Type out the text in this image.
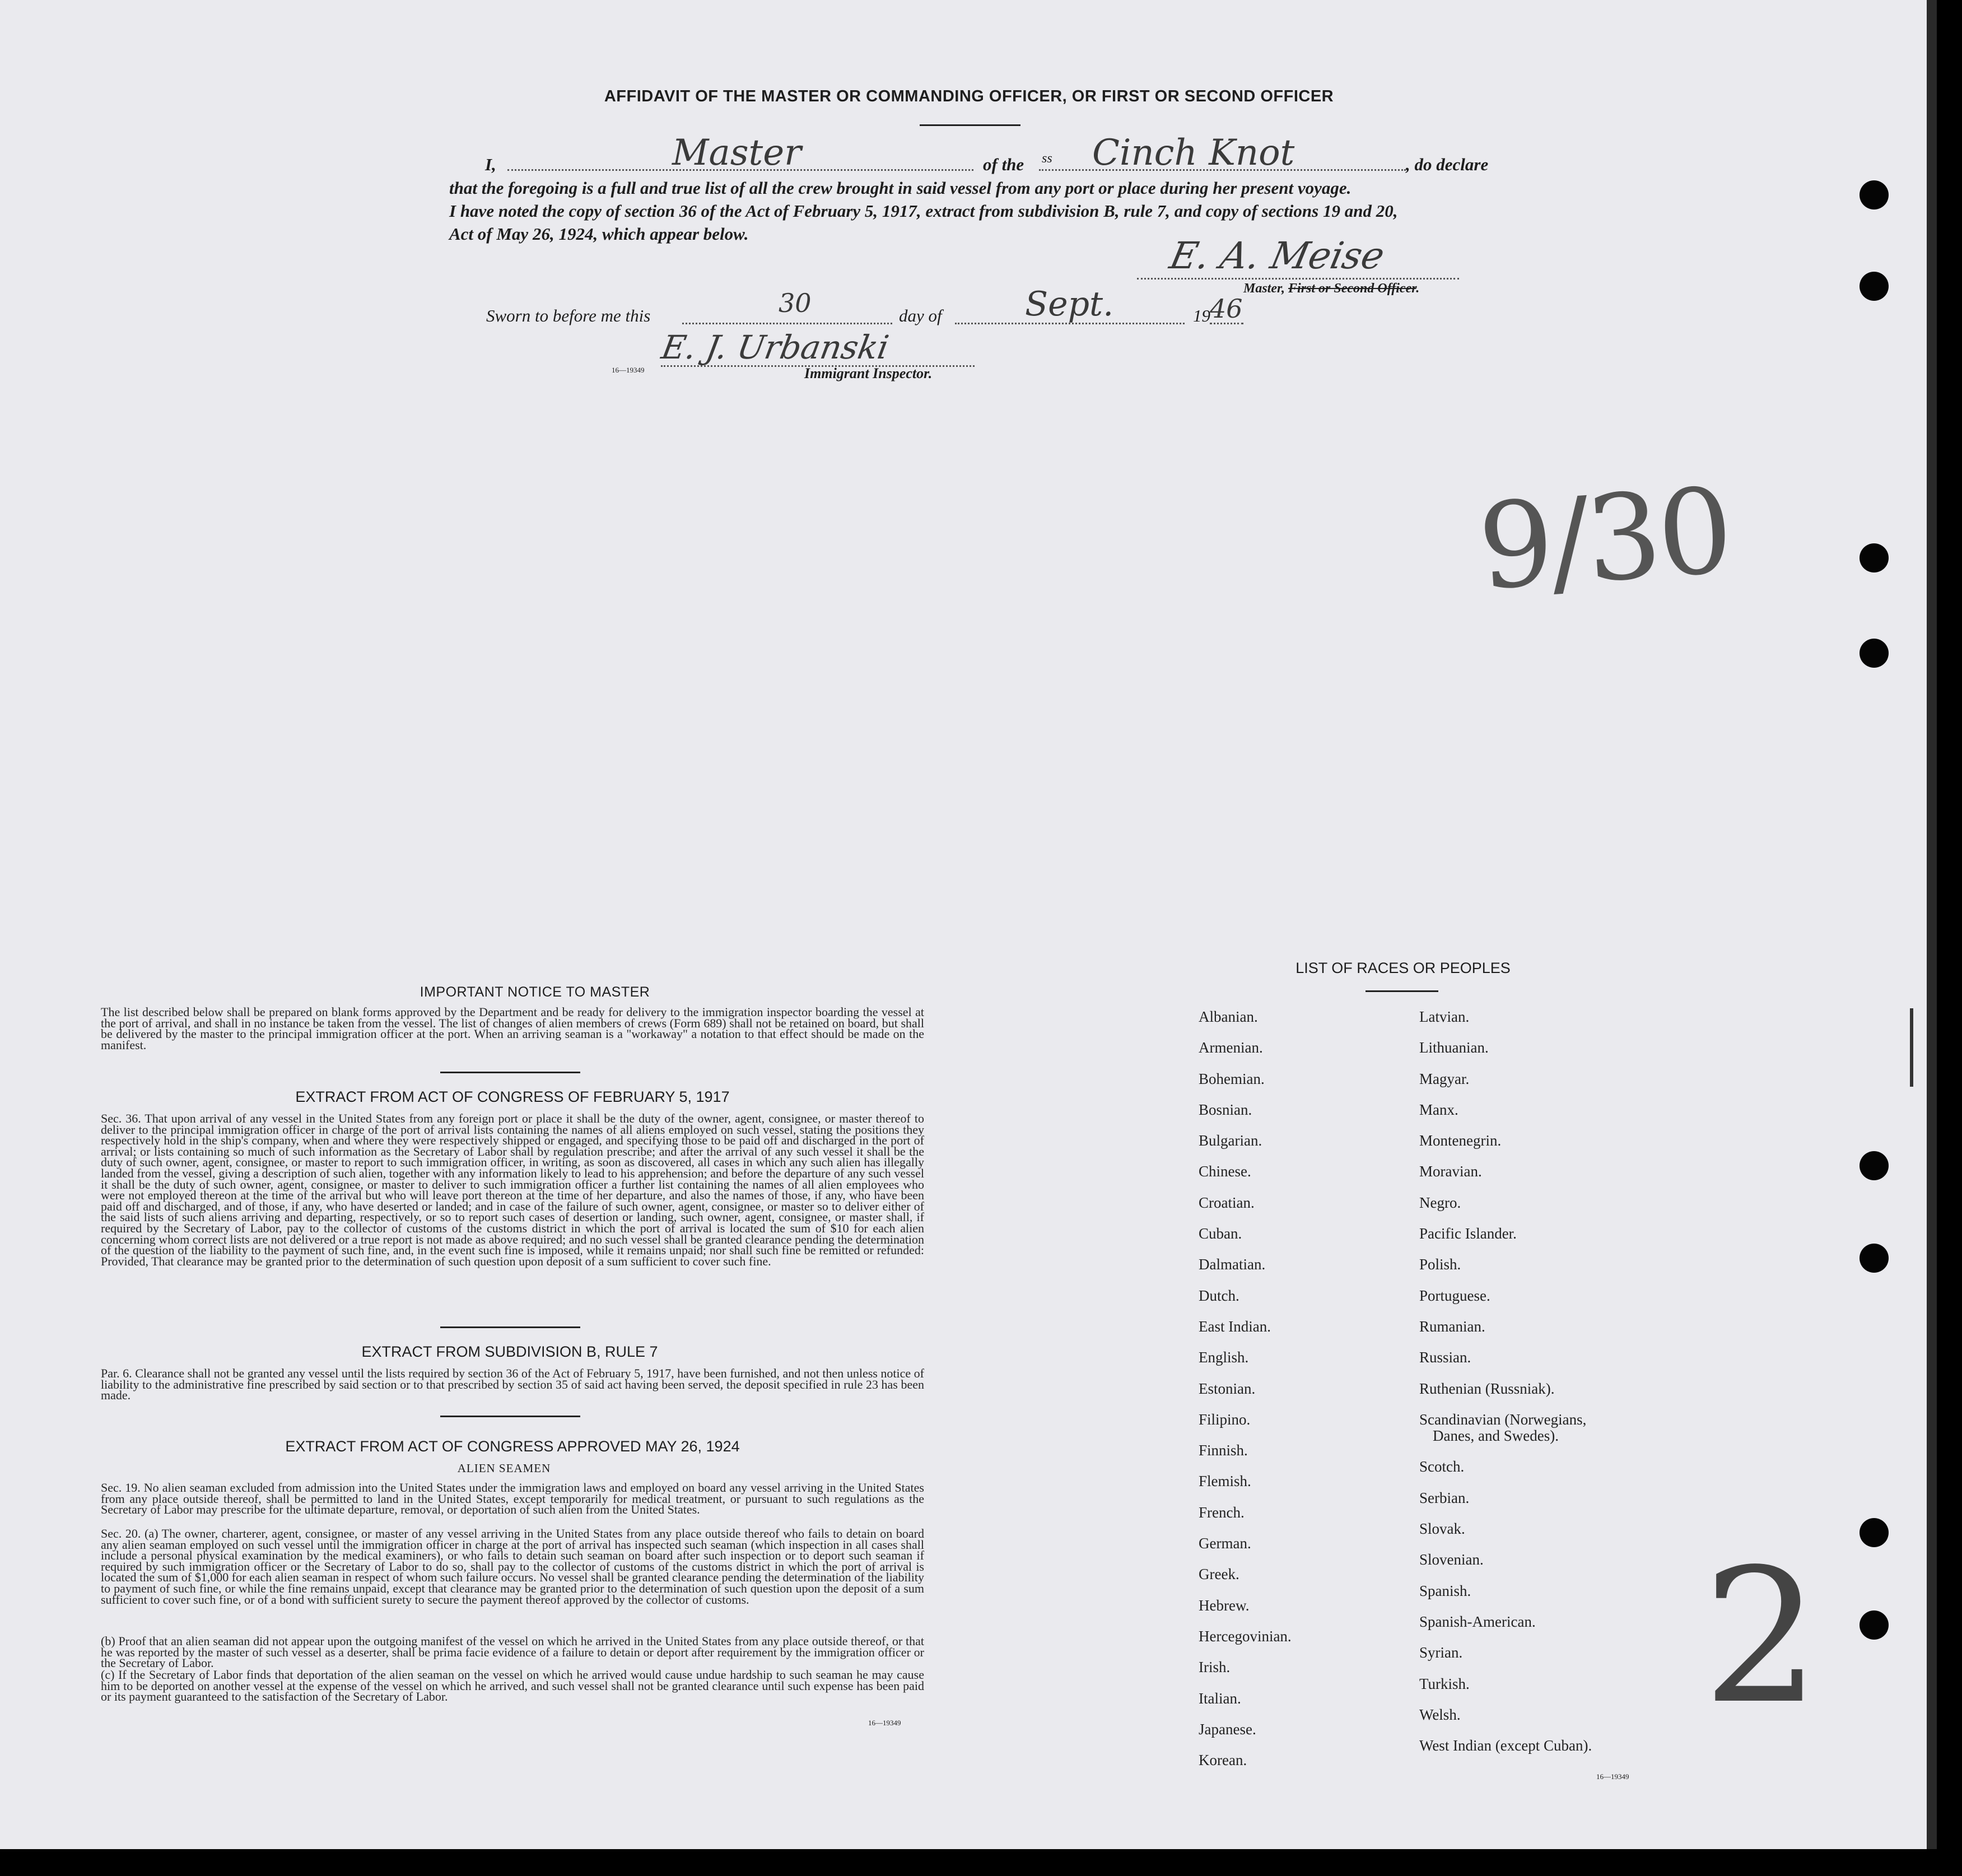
AFFIDAVIT OF THE MASTER OR COMMANDING OFFICER, OR FIRST OR SECOND OFFICER
I,	Master	of the ss Cinch Knot	, do declare
that the foregoing is a full and true list of all the crew brought in said vessel from any port or place during her present voyage.
I have noted the copy of section 36 of the Act of February 5, 1917, extract from subdivision B, rule 7, and copy of sections 19 and 20,
Act of May 26, 1924, which appear below.
E. A. Meise
Master, First or Second Officer.
Sworn to before me this	30	day of Sept.	19 46
16—19349
E. J. Urbanski
Immigrant Inspector.
9/30
2
IMPORTANT NOTICE TO MASTER
The list described below shall be prepared on blank forms approved by the Department and be ready for delivery to the immigration inspector boarding the vessel at the port of arrival, and shall in no instance be taken from the vessel. The list of changes of alien members of crews (Form 689) shall not be retained on board, but shall be delivered by the master to the principal immigration officer at the port. When an arriving seaman is a "workaway" a notation to that effect should be made on the manifest.
EXTRACT FROM ACT OF CONGRESS OF FEBRUARY 5, 1917
Sec. 36. That upon arrival of any vessel in the United States from any foreign port or place it shall be the duty of the owner, agent, consignee, or master thereof to deliver to the principal immigration officer in charge of the port of arrival lists containing the names of all aliens employed on such vessel, stating the positions they respectively hold in the ship's company, when and where they were respectively shipped or engaged, and specifying those to be paid off and discharged in the port of arrival; or lists containing so much of such information as the Secretary of Labor shall by regulation prescribe; and after the arrival of any such vessel it shall be the duty of such owner, agent, consignee, or master to report to such immigration officer, in writing, as soon as discovered, all cases in which any such alien has illegally landed from the vessel, giving a description of such alien, together with any information likely to lead to his apprehension; and before the departure of any such vessel it shall be the duty of such owner, agent, consignee, or master to deliver to such immigration officer a further list containing the names of all alien employees who were not employed thereon at the time of the arrival but who will leave port thereon at the time of her departure, and also the names of those, if any, who have been paid off and discharged, and of those, if any, who have deserted or landed; and in case of the failure of such owner, agent, consignee, or master so to deliver either of the said lists of such aliens arriving and departing, respectively, or so to report such cases of desertion or landing, such owner, agent, consignee, or master shall, if required by the Secretary of Labor, pay to the collector of customs of the customs district in which the port of arrival is located the sum of $10 for each alien concerning whom correct lists are not delivered or a true report is not made as above required; and no such vessel shall be granted clearance pending the determination of the question of the liability to the payment of such fine, and, in the event such fine is imposed, while it remains unpaid; nor shall such fine be remitted or refunded: Provided, That clearance may be granted prior to the determination of such question upon deposit of a sum sufficient to cover such fine.
EXTRACT FROM SUBDIVISION B, RULE 7
Par. 6. Clearance shall not be granted any vessel until the lists required by section 36 of the Act of February 5, 1917, have been furnished, and not then unless notice of liability to the administrative fine prescribed by said section or to that prescribed by section 35 of said act having been served, the deposit specified in rule 23 has been made.
EXTRACT FROM ACT OF CONGRESS APPROVED MAY 26, 1924
ALIEN SEAMEN
Sec. 19. No alien seaman excluded from admission into the United States under the immigration laws and employed on board any vessel arriving in the United States from any place outside thereof, shall be permitted to land in the United States, except temporarily for medical treatment, or pursuant to such regulations as the Secretary of Labor may prescribe for the ultimate departure, removal, or deportation of such alien from the United States.
Sec. 20. (a) The owner, charterer, agent, consignee, or master of any vessel arriving in the United States from any place outside thereof who fails to detain on board any alien seaman employed on such vessel until the immigration officer in charge at the port of arrival has inspected such seaman (which inspection in all cases shall include a personal physical examination by the medical examiners), or who fails to detain such seaman on board after such inspection or to deport such seaman if required by such immigration officer or the Secretary of Labor to do so, shall pay to the collector of customs of the customs district in which the port of arrival is located the sum of $1,000 for each alien seaman in respect of whom such failure occurs. No vessel shall be granted clearance pending the determination of the liability to payment of such fine, or while the fine remains unpaid, except that clearance may be granted prior to the determination of such question upon the deposit of a sum sufficient to cover such fine, or of a bond with sufficient surety to secure the payment thereof approved by the collector of customs.
(b) Proof that an alien seaman did not appear upon the outgoing manifest of the vessel on which he arrived in the United States from any place outside thereof, or that he was reported by the master of such vessel as a deserter, shall be prima facie evidence of a failure to detain or deport after requirement by the immigration officer or the Secretary of Labor.
(c) If the Secretary of Labor finds that deportation of the alien seaman on the vessel on which he arrived would cause undue hardship to such seaman he may cause him to be deported on another vessel at the expense of the vessel on which he arrived, and such vessel shall not be granted clearance until such expense has been paid or its payment guaranteed to the satisfaction of the Secretary of Labor.
16—19349
LIST OF RACES OR PEOPLES
Albanian.
Armenian.
Bohemian.
Bosnian.
Bulgarian.
Chinese.
Croatian.
Cuban.
Dalmatian.
Dutch.
East Indian.
English.
Estonian.
Filipino.
Finnish.
Flemish.
French.
German.
Greek.
Hebrew.
Hercegovinian.
Irish.
Italian.
Japanese.
Korean.
Latvian.
Lithuanian.
Magyar.
Manx.
Montenegrin.
Moravian.
Negro.
Pacific Islander.
Polish.
Portuguese.
Rumanian.
Russian.
Ruthenian (Russniak).
Scandinavian (Norwegians,
Danes, and Swedes).
Scotch.
Serbian.
Slovak.
Slovenian.
Spanish.
Spanish-American.
Syrian.
Turkish.
Welsh.
West Indian (except Cuban).
16—19349
